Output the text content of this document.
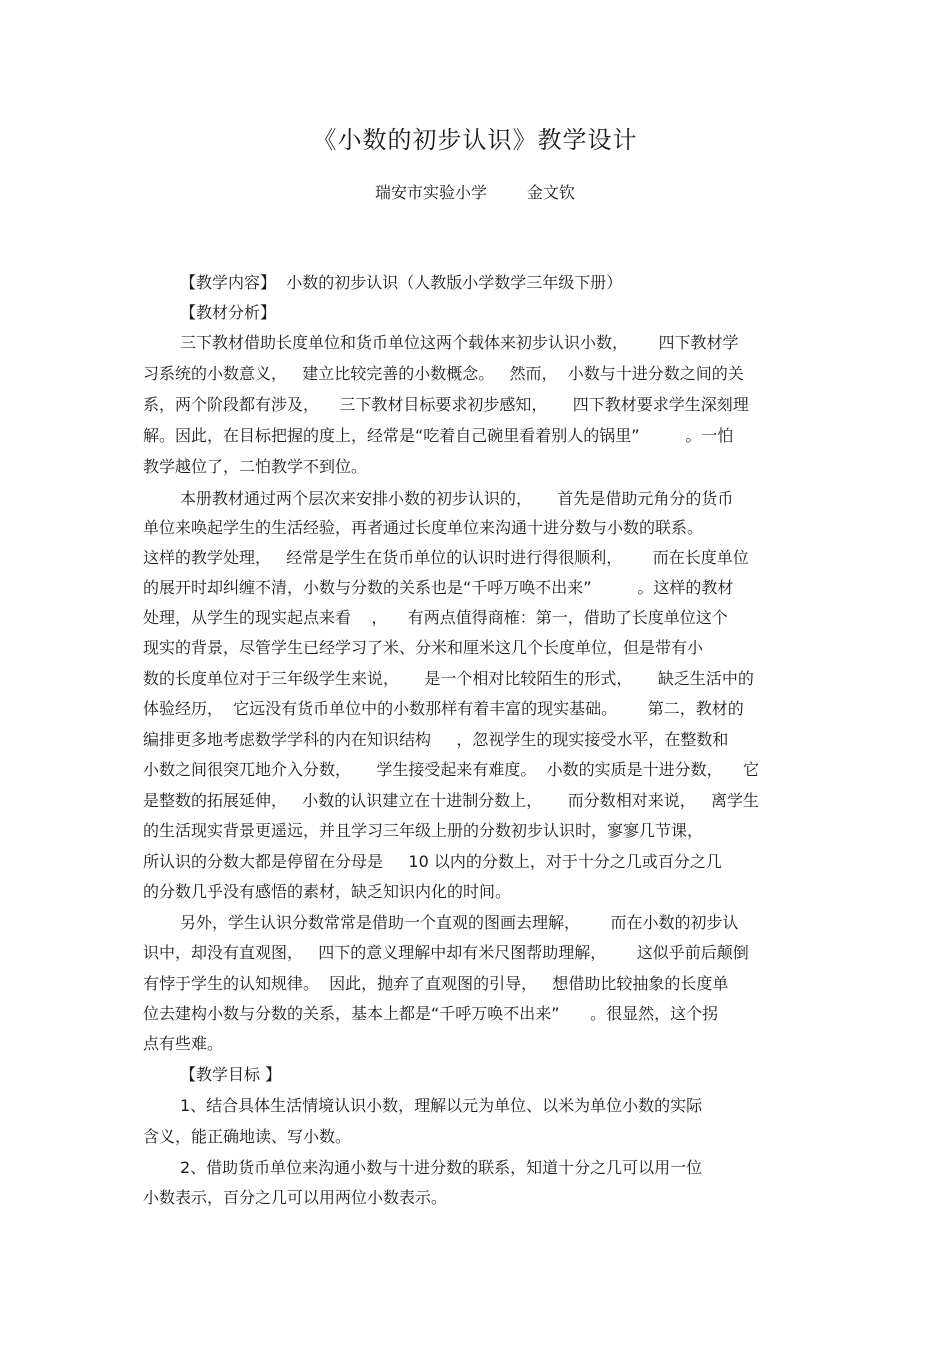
《小数的初步认识》教学设计
瑞安市实验小学	金文钦

【教学内容】 小数的初步认识（人教版小学数学三年级下册）

【教材分析】

三下教材借助长度单位和货币单位这两个载体来初步认识小数，      四下教材学

习系统的小数意义，   建立比较完善的小数概念。   然而，  小数与十进分数之间的关

系，两个阶段都有涉及，    三下教材目标要求初步感知，     四下教材要求学生深刻理

解。因此，在目标把握的度上，经常是“吃着自己碗里看着别人的锅里”         。一怕

教学越位了，二怕教学不到位。

本册教材通过两个层次来安排小数的初步认识的，     首先是借助元角分的货币

单位来唤起学生的生活经验，再者通过长度单位来沟通十进分数与小数的联系。

这样的教学处理，   经常是学生在货币单位的认识时进行得很顺利，      而在长度单位

的展开时却纠缠不清，小数与分数的关系也是“千呼万唤不出来”         。这样的教材

处理，从学生的现实起点来看    ，    有两点值得商榷：第一，借助了长度单位这个

现实的背景，尽管学生已经学习了米、分米和厘米这几个长度单位，但是带有小

数的长度单位对于三年级学生来说，     是一个相对比较陌生的形式，     缺乏生活中的

体验经历，  它远没有货币单位中的小数那样有着丰富的现实基础。      第二，教材的

编排更多地考虑数学学科的内在知识结构     ，忽视学生的现实接受水平，在整数和

小数之间很突兀地介入分数，     学生接受起来有难度。  小数的实质是十进分数，    它

是整数的拓展延伸，   小数的认识建立在十进制分数上，     而分数相对来说，   离学生

的生活现实背景更遥远，并且学习三年级上册的分数初步认识时，寥寥几节课，

所认识的分数大都是停留在分母是     10 以内的分数上，对于十分之几或百分之几

的分数几乎没有感悟的素材，缺乏知识内化的时间。

另外，学生认识分数常常是借助一个直观的图画去理解，      而在小数的初步认

识中，却没有直观图，   四下的意义理解中却有米尺图帮助理解，      这似乎前后颠倒

有悖于学生的认知规律。  因此，抛弃了直观图的引导，   想借助比较抽象的长度单

位去建构小数与分数的关系，基本上都是“千呼万唤不出来”      。很显然，这个拐

点有些难。

【教学目标 】

1、结合具体生活情境认识小数，理解以元为单位、以米为单位小数的实际

含义，能正确地读、写小数。

2、借助货币单位来沟通小数与十进分数的联系，知道十分之几可以用一位

小数表示，百分之几可以用两位小数表示。
